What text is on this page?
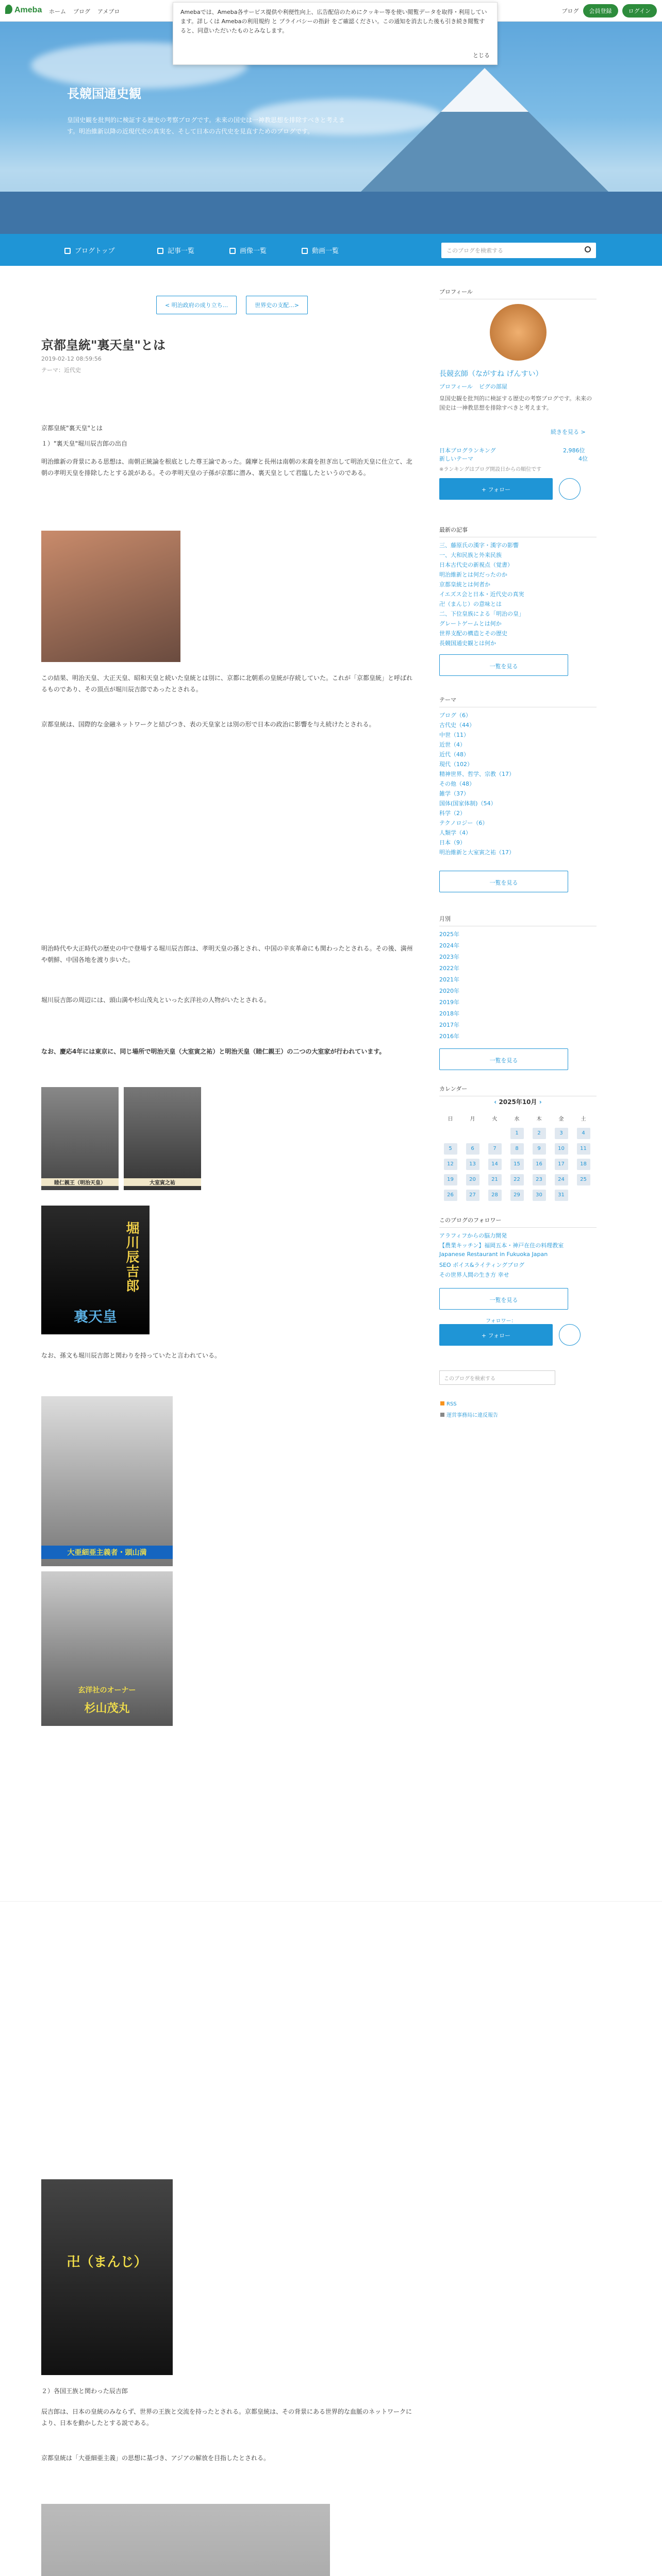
Ameba ホーム ブログ アメブロ	ブログ	会員登録	ログイン

Amebaでは、Ameba各サービス提供や利便性向上、広告配信のためにクッキー等を使い閲覧データを取得・利用しています。詳しくは Amebaの利用規約 と プライバシーの指針 をご確認ください。この通知を消去した後も引き続き閲覧すると、同意いただいたものとみなします。

とじる
長競国通史観
皇国史観を批判的に検証する歴史の考察ブログです。未来の国史は一神教思想を排除すべきと考えます。明治維新以降の近現代史の真実を、そして日本の古代史を見直すためのブログです。
ブログトップ	記事一覧	画像一覧	動画一覧	このブログを検索する
< 明治政府の成り立ち...	世界史の支配...>
京都皇統"裏天皇"とは
2019-02-12 08:59:56
テーマ：近代史
京都皇統"裏天皇"とは
１）"裏天皇"堀川辰吉郎の出自
明治維新の背景にある思想は、南朝正統論を根底とした尊王論であった。薩摩と長州は南朝の末裔を担ぎ出して明治天皇に仕立て、北朝の孝明天皇を排除したとする説がある。その孝明天皇の子孫が京都に潜み、裏天皇として君臨したというのである。
この結果、明治天皇、大正天皇、昭和天皇と続いた皇統とは別に、京都に北朝系の皇統が存続していた。これが「京都皇統」と呼ばれるものであり、その頂点が堀川辰吉郎であったとされる。
京都皇統は、国際的な金融ネットワークと結びつき、表の天皇家とは別の形で日本の政治に影響を与え続けたとされる。
明治時代や大正時代の歴史の中で登場する堀川辰吉郎は、孝明天皇の孫とされ、中国の辛亥革命にも関わったとされる。その後、満州や朝鮮、中国各地を渡り歩いた。
堀川辰吉郎の周辺には、頭山満や杉山茂丸といった玄洋社の人物がいたとされる。
なお、慶応4年には東京に、同じ場所で明治天皇（大室寅之祐）と明治天皇（睦仁親王）の二つの大室家が行われています。
睦仁親王（明治天皇）	大室寅之祐
堀川辰吉郎
裏天皇
なお、孫文も堀川辰吉郎と関わりを持っていたと言われている。
大亜細亜主義者・頭山満
玄洋社のオーナー
杉山茂丸
卍（まんじ）
２）各国王族と関わった辰吉郎
辰吉郎は、日本の皇統のみならず、世界の王族と交流を持ったとされる。京都皇統は、その背景にある世界的な血脈のネットワークにより、日本を動かしたとする説である。
京都皇統は「大亜細亜主義」の思想に基づき、アジアの解放を目指したとされる。
プロフィール
長競玄師（ながすね げんすい）
プロフィール ピグの部屋
皇国史観を批判的に検証する歴史の考察ブログです。未来の国史は一神教思想を排除すべきと考えます。
続きを見る >
日本ブログランキング	2,986位
新しいテーマ	4位
※ランキングはブログ開設日からの順位です
+ フォロー
最新の記事
三、藤原氏の漢字・漢字の影響
一、大和民族と外来民族
日本古代史の新視点（覚書）
明治維新とは何だったのか
京都皇統とは何者か
イエズス会と日本・近代史の真実
卍（まんじ）の意味とは
二、下位皇族による「明治の皇」
グレートゲームとは何か
世界支配の構造とその歴史
長競国通史観とは何か
一覧を見る
テーマ
ブログ（6）
古代史（44）
中世（11）
近世（4）
近代（48）
現代（102）
精神世界、哲学、宗教（17）
その他（48）
雑学（37）
国体(国家体制)（54）
科学（2）
テクノロジー（6）
人類学（4）
日本（9）
明治維新と大室寅之祐（17）
一覧を見る
月別
2025年
2024年
2023年
2022年
2021年
2020年
2019年
2018年
2017年
2016年
一覧を見る
カレンダー
‹ 2025年10月 ›
日	月	火	水	木	金	土
			1	2	3	4
5	6	7	8	9	10	11
12	13	14	15	16	17	18
19	20	21	22	23	24	25
26	27	28	29	30	31	
このブログのフォロワー
アラフィフからの脳力開発
【農業キッチン】福岡五本・神戸在住の料理教室
Japanese Restaurant in Fukuoka Japan
SEO ボイス&ライティングブログ
その世界人間の生き方 幸せ
一覧を見る
フォロワー：
+ フォロー
このブログを検索する
RSS
運営事務局に違反報告
